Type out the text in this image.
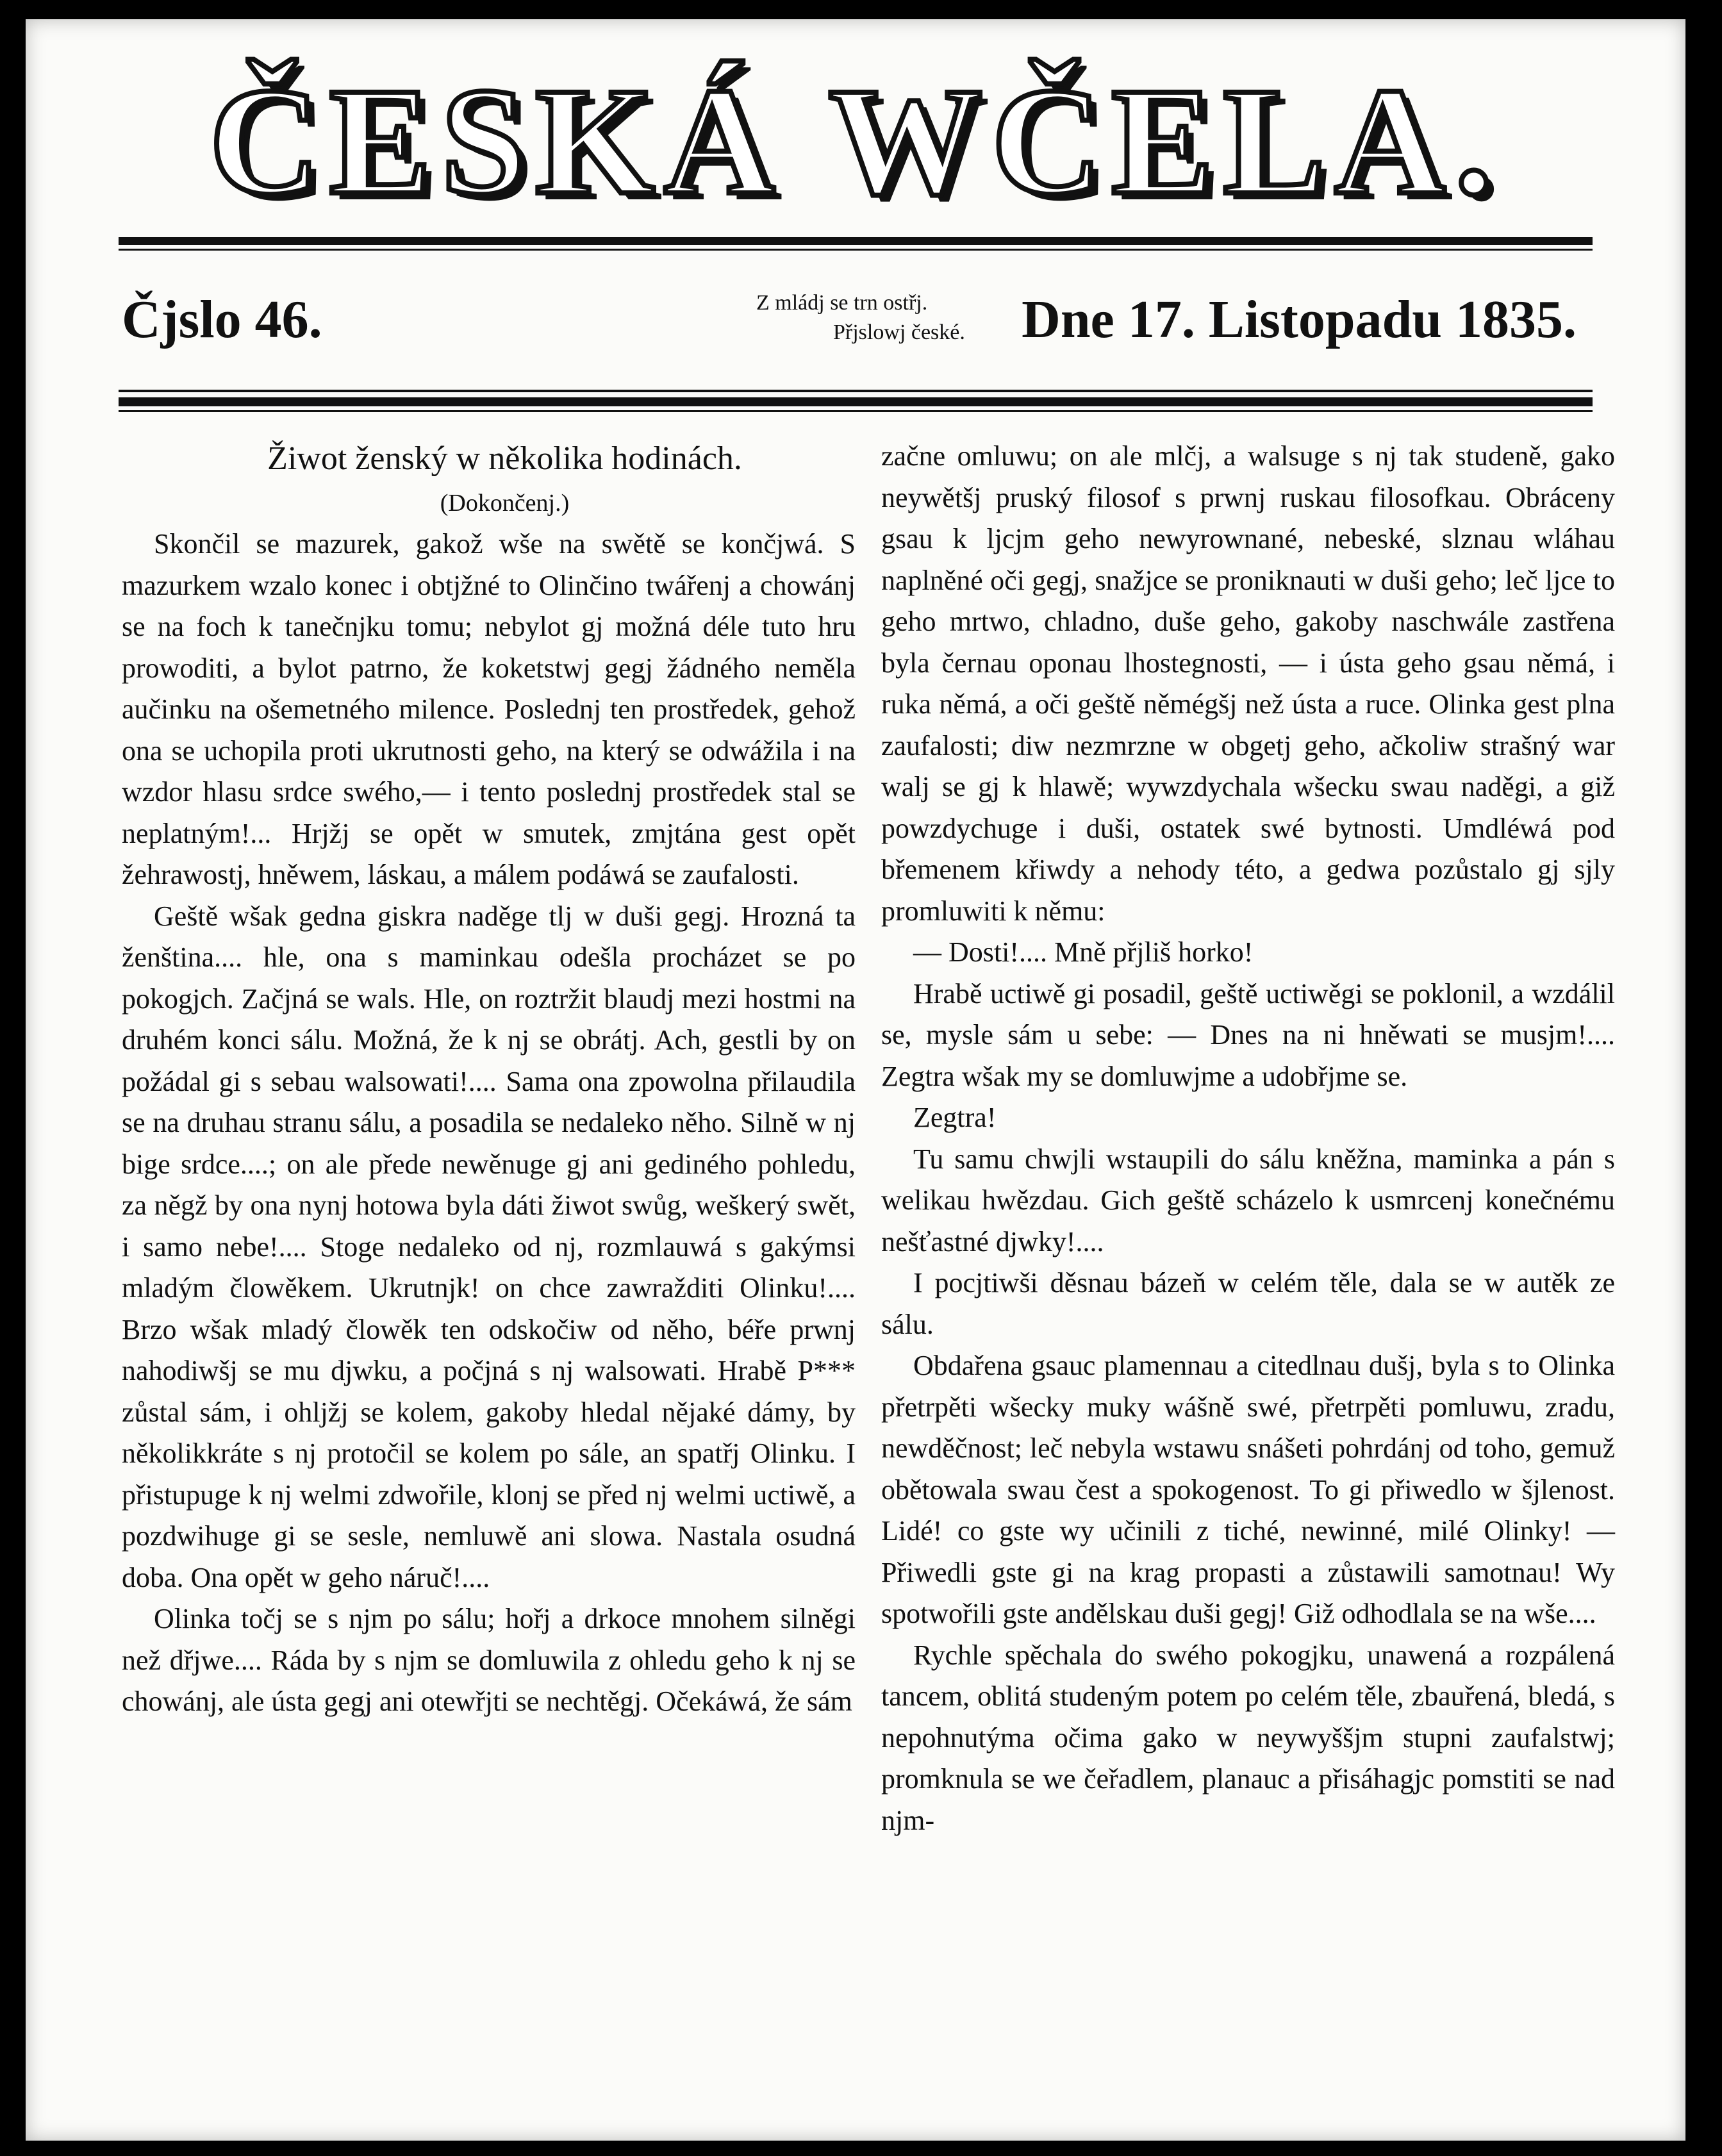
ČESKÁ WČELA.
Čjslo 46.	Z mládj se trn ostřj.
Přjslowj české.	Dne 17. Listopadu 1835.

Žiwot ženský w několika hodinách.

(Dokončenj.)

Skončil se mazurek, gakož wše na swětě se končjwá. S mazurkem wzalo konec i obtjžné to Olinčino twářenj a chowánj se na foch k tanečnjku tomu; nebylot gj možná déle tuto hru prowoditi, a bylot patrno, že koketstwj gegj žádného neměla aučinku na ošemetného milence. Poslednj ten prostředek, gehož ona se uchopila proti ukrutnosti geho, na který se odwážila i na wzdor hlasu srdce swého,— i tento poslednj prostředek stal se neplatným!... Hrjžj se opět w smutek, zmjtána gest opět žehrawostj, hněwem, láskau, a málem podáwá se zaufalosti.

Geště wšak gedna giskra naděge tlj w duši gegj. Hrozná ta ženština.... hle, ona s maminkau odešla procházet se po pokogjch. Začjná se wals. Hle, on roztržit blaudj mezi hostmi na druhém konci sálu. Možná, že k nj se obrátj. Ach, gestli by on požádal gi s sebau walsowati!.... Sama ona zpowolna přilaudila se na druhau stranu sálu, a posadila se nedaleko něho. Silně w nj bige srdce....; on ale přede newěnuge gj ani gediného pohledu, za něgž by ona nynj hotowa byla dáti žiwot swůg, weškerý swět, i samo nebe!.... Stoge nedaleko od nj, rozmlauwá s gakýmsi mladým člowěkem. Ukrutnjk! on chce zawražditi Olinku!.... Brzo wšak mladý člowěk ten odskočiw od něho, béře prwnj nahodiwšj se mu djwku, a počjná s nj walsowati. Hrabě P*** zůstal sám, i ohljžj se kolem, gakoby hledal nějaké dámy, by několikkráte s nj protočil se kolem po sále, an spatřj Olinku. I přistupuge k nj welmi zdwořile, klonj se před nj welmi uctiwě, a pozdwihuge gi se sesle, nemluwě ani slowa. Nastala osudná doba. Ona opět w geho náruč!....

Olinka točj se s njm po sálu; hořj a drkoce mnohem silněgi než dřjwe.... Ráda by s njm se domluwila z ohledu geho k nj se chowánj, ale ústa gegj ani otewřjti se nechtěgj. Očekáwá, že sám

začne omluwu; on ale mlčj, a walsuge s nj tak studeně, gako neywětšj pruský filosof s prwnj ruskau filosofkau. Obráceny gsau k ljcjm geho newyrownané, nebeské, slznau wláhau naplněné oči gegj, snažjce se proniknauti w duši geho; leč ljce to geho mrtwo, chladno, duše geho, gakoby naschwále zastřena byla černau oponau lhostegnosti, — i ústa geho gsau němá, i ruka němá, a oči geště němégšj než ústa a ruce. Olinka gest plna zaufalosti; diw nezmrzne w obgetj geho, ačkoliw strašný war walj se gj k hlawě; wywzdychala wšecku swau naděgi, a giž powzdychuge i duši, ostatek swé bytnosti. Umdléwá pod břemenem křiwdy a nehody této, a gedwa pozůstalo gj sjly promluwiti k němu:

— Dosti!.... Mně přjliš horko!

Hrabě uctiwě gi posadil, geště uctiwěgi se poklonil, a wzdálil se, mysle sám u sebe: — Dnes na ni hněwati se musjm!.... Zegtra wšak my se domluwjme a udobřjme se.

Zegtra!

Tu samu chwjli wstaupili do sálu kněžna, maminka a pán s welikau hwězdau. Gich geště scházelo k usmrcenj konečnému nešťastné djwky!....

I pocjtiwši děsnau bázeň w celém těle, dala se w autěk ze sálu.

Obdařena gsauc plamennau a citedlnau dušj, byla s to Olinka přetrpěti wšecky muky wášně swé, přetrpěti pomluwu, zradu, newděčnost; leč nebyla wstawu snášeti pohrdánj od toho, gemuž obětowala swau čest a spokogenost. To gi přiwedlo w šjlenost. Lidé! co gste wy učinili z tiché, newinné, milé Olinky! — Přiwedli gste gi na krag propasti a zůstawili samotnau! Wy spotwořili gste andělskau duši gegj! Giž odhodlala se na wše....

Rychle spěchala do swého pokogjku, unawená a rozpálená tancem, oblitá studeným potem po celém těle, zbauřená, bledá, s nepohnutýma očima gako w neywyššjm stupni zaufalstwj; promknula se we čeřadlem, planauc a přisáhagjc pomstiti se nad njm-
